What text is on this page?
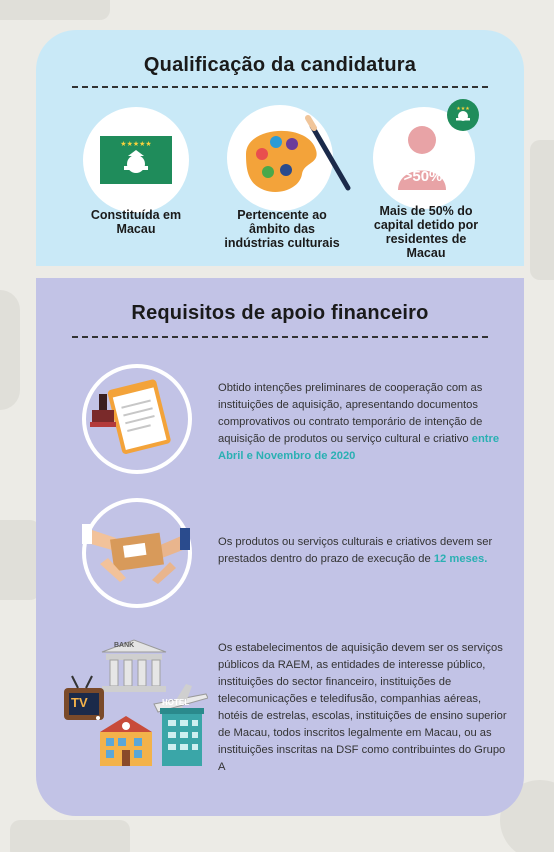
Qualificação da candidatura
★★★★★
Constituída em Macau
Pertencente ao âmbito das indústrias culturais
>50%
★★★
Mais de 50% do capital detido por residentes de Macau
Requisitos de apoio financeiro
Obtido intenções preliminares de cooperação com as instituições de aquisição, apresentando documentos comprovativos ou contrato temporário de intenção de aquisição de produtos ou serviço cultural e criativo entre Abril e Novembro de 2020
Os produtos ou serviços culturais e criativos devem ser prestados dentro do prazo de execução de 12 meses.
BANK
TV	HOTEL
Os estabelecimentos de aquisição devem ser os serviços públicos da RAEM, as entidades de interesse público, instituições do sector financeiro, instituições de telecomunicações e teledifusão, companhias aéreas, hotéis de estrelas, escolas, instituições de ensino superior de Macau, todos inscritos legalmente em Macau, ou as instituições inscritas na DSF como contribuintes do Grupo A
